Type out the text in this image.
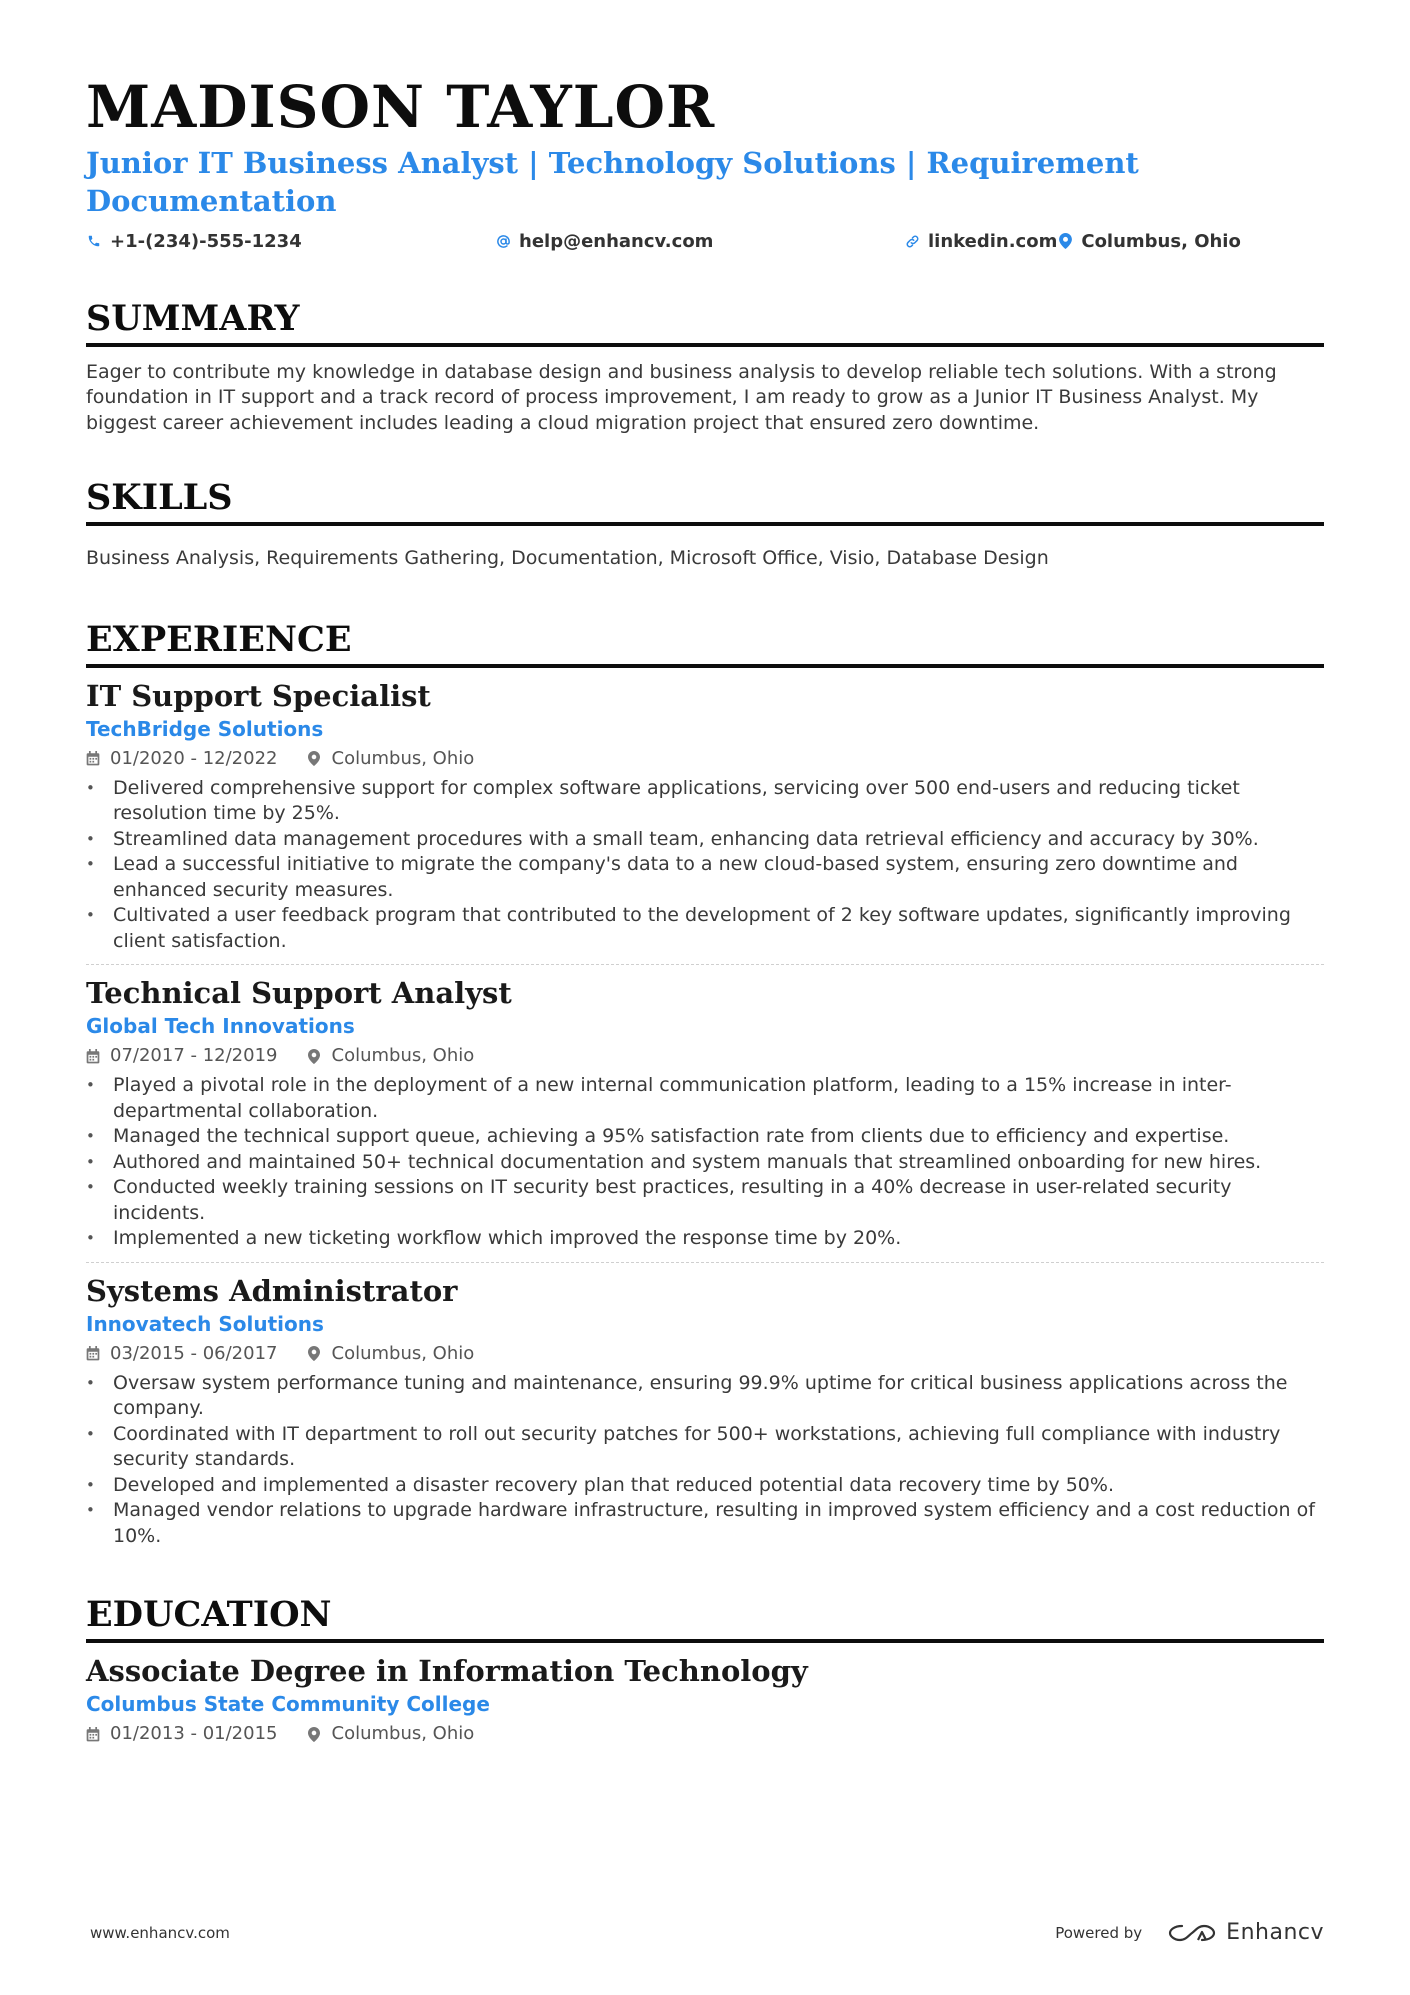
MADISON TAYLOR
Junior IT Business Analyst | Technology Solutions | Requirement Documentation
+1-(234)-555-1234	help@enhancv.com	linkedin.com Columbus, Ohio
SUMMARY

Eager to contribute my knowledge in database design and business analysis to develop reliable tech solutions. With a strong foundation in IT support and a track record of process improvement, I am ready to grow as a Junior IT Business Analyst. My biggest career achievement includes leading a cloud migration project that ensured zero downtime.

SKILLS

Business Analysis, Requirements Gathering, Documentation, Microsoft Office, Visio, Database Design

EXPERIENCE
IT Support Specialist
TechBridge Solutions
01/2020 - 12/2022	Columbus, Ohio
• Delivered comprehensive support for complex software applications, servicing over 500 end-users and reducing ticket resolution time by 25%.
• Streamlined data management procedures with a small team, enhancing data retrieval efficiency and accuracy by 30%.
• Lead a successful initiative to migrate the company's data to a new cloud-based system, ensuring zero downtime and enhanced security measures.
• Cultivated a user feedback program that contributed to the development of 2 key software updates, significantly improving client satisfaction.
Technical Support Analyst
Global Tech Innovations
07/2017 - 12/2019	Columbus, Ohio
• Played a pivotal role in the deployment of a new internal communication platform, leading to a 15% increase in inter-departmental collaboration.
• Managed the technical support queue, achieving a 95% satisfaction rate from clients due to efficiency and expertise.
• Authored and maintained 50+ technical documentation and system manuals that streamlined onboarding for new hires.
• Conducted weekly training sessions on IT security best practices, resulting in a 40% decrease in user-related security incidents.
• Implemented a new ticketing workflow which improved the response time by 20%.
Systems Administrator
Innovatech Solutions
03/2015 - 06/2017	Columbus, Ohio
• Oversaw system performance tuning and maintenance, ensuring 99.9% uptime for critical business applications across the company.
• Coordinated with IT department to roll out security patches for 500+ workstations, achieving full compliance with industry security standards.
• Developed and implemented a disaster recovery plan that reduced potential data recovery time by 50%.
• Managed vendor relations to upgrade hardware infrastructure, resulting in improved system efficiency and a cost reduction of 10%.
EDUCATION
Associate Degree in Information Technology
Columbus State Community College
01/2013 - 01/2015	Columbus, Ohio
www.enhancv.com	Powered by	Enhancv
